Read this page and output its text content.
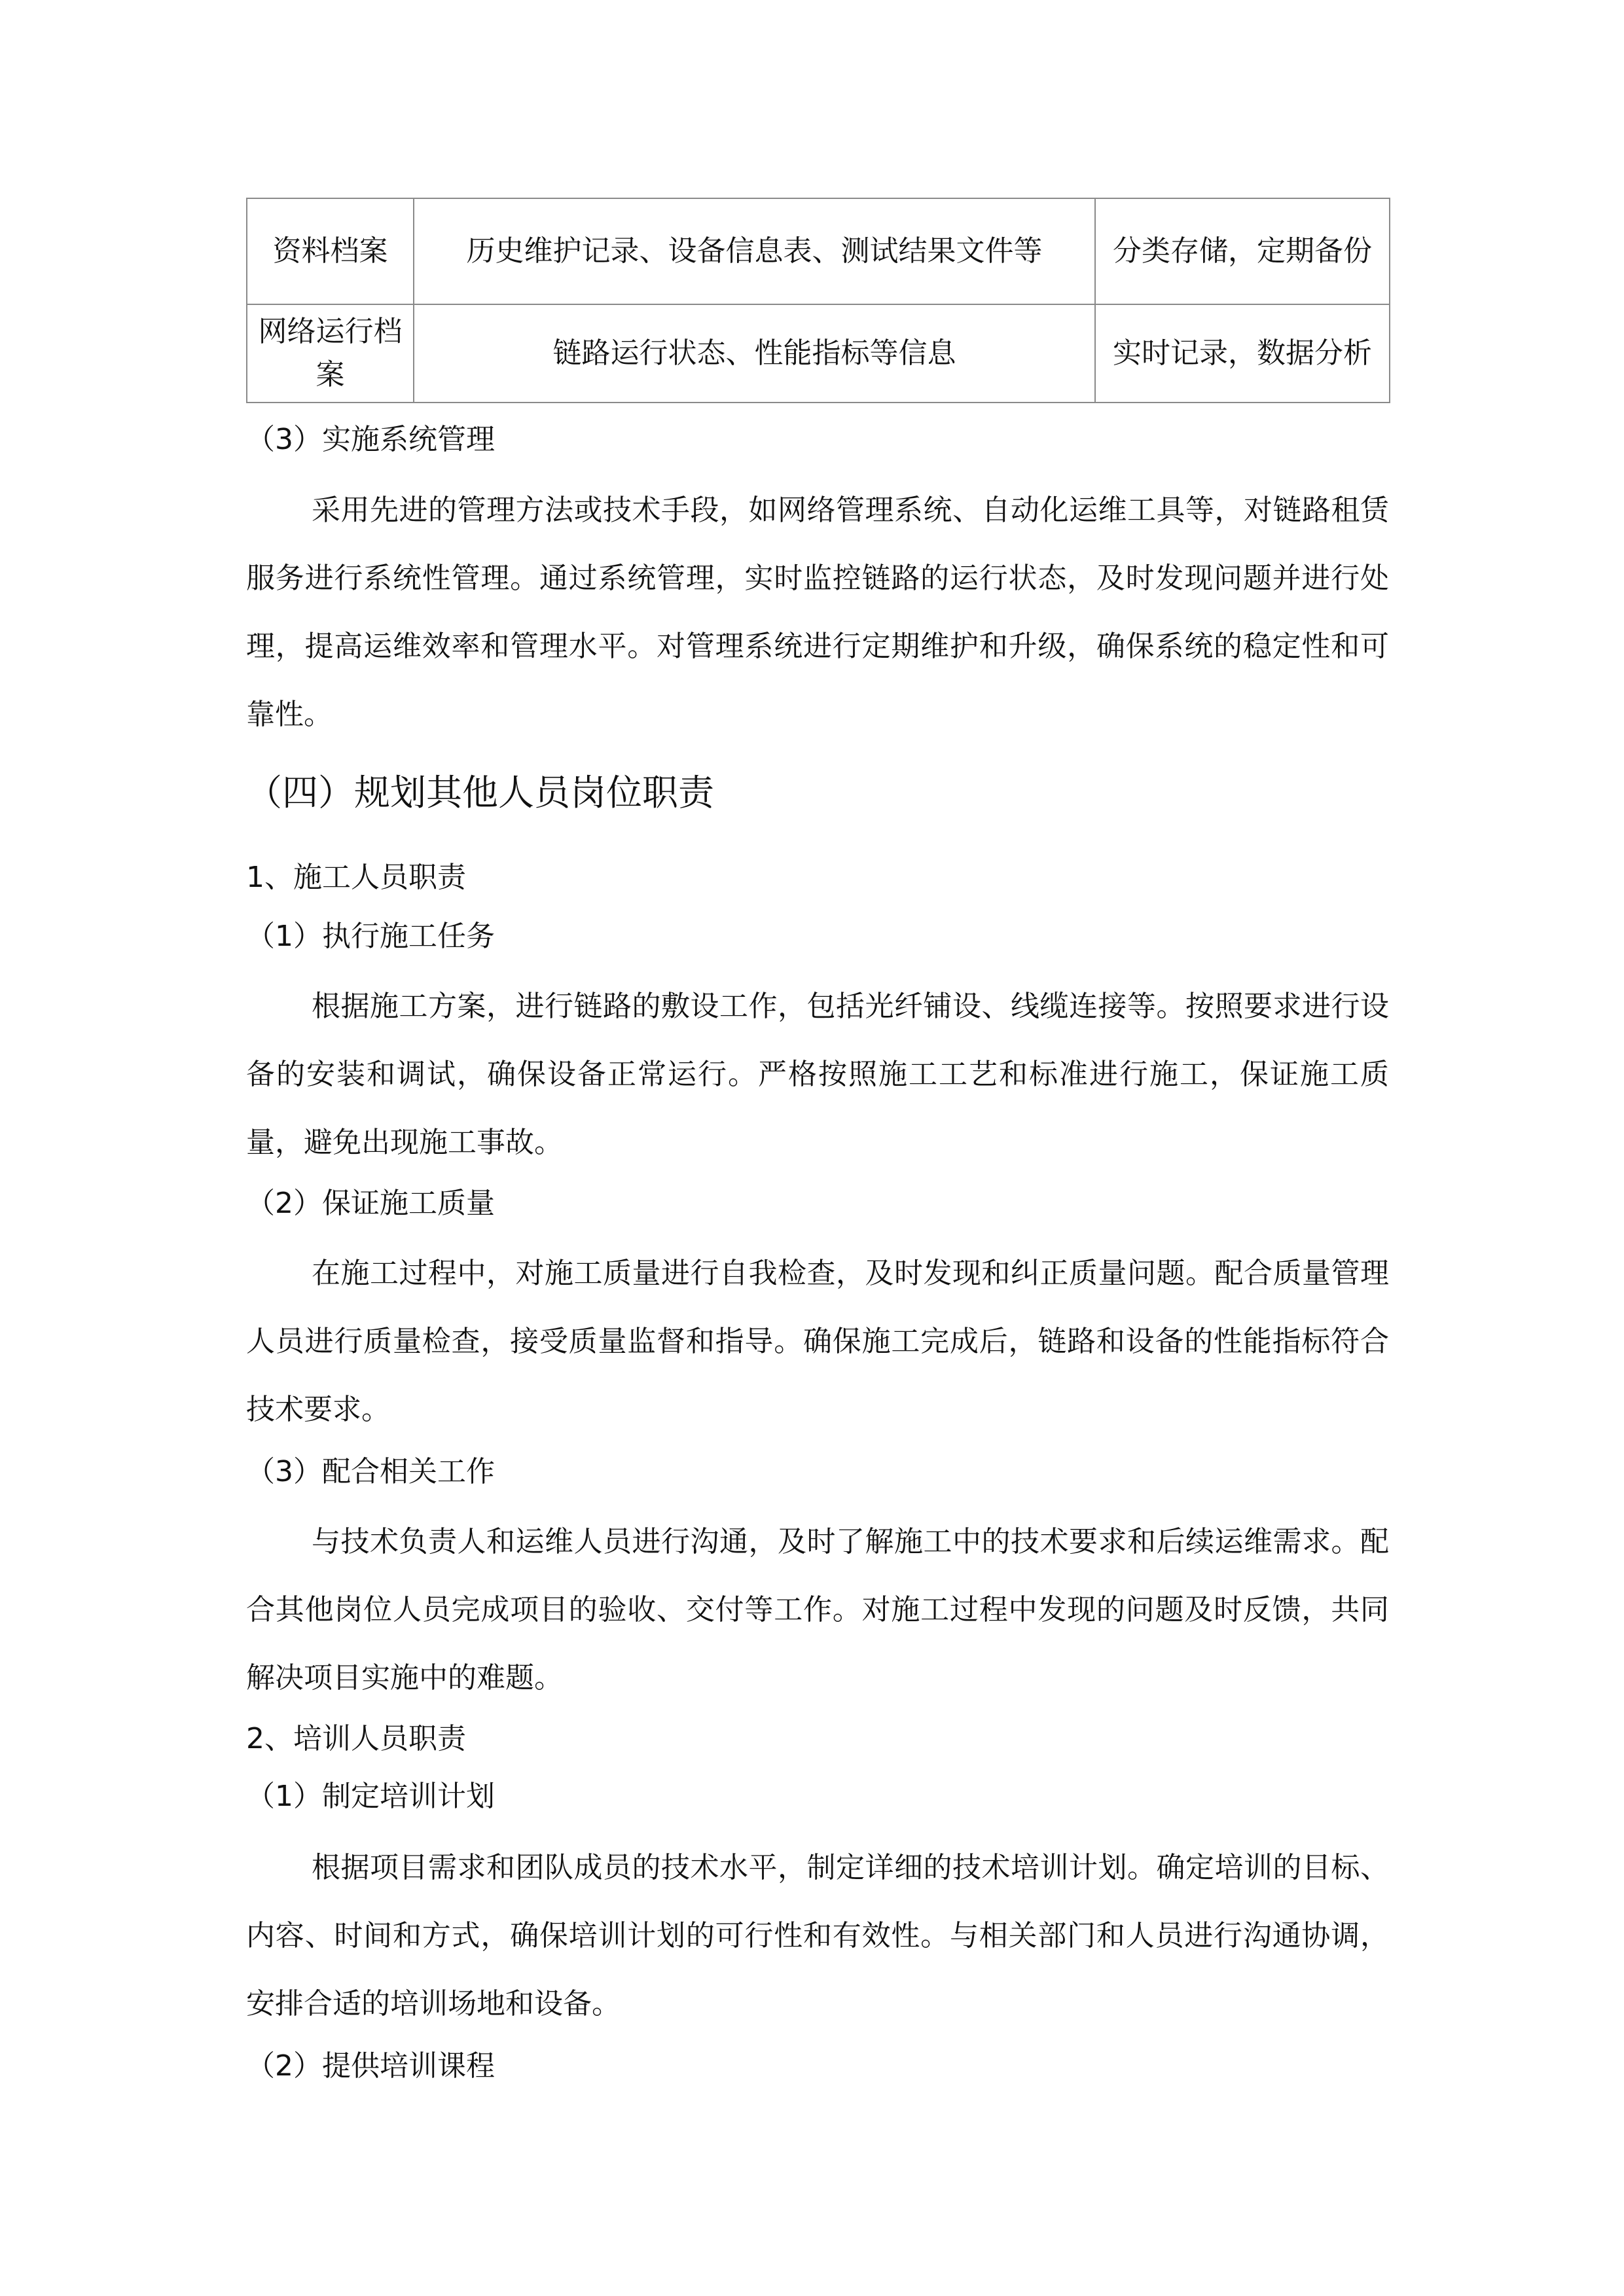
资料档案	历史维护记录、设备信息表、测试结果文件等	分类存储，定期备份
网络运行档案	链路运行状态、性能指标等信息	实时记录，数据分析
（3）实施系统管理
采用先进的管理方法或技术手段，如网络管理系统、自动化运维工具等，对链路租赁服务进行系统性管理。通过系统管理，实时监控链路的运行状态，及时发现问题并进行处理，提高运维效率和管理水平。对管理系统进行定期维护和升级，确保系统的稳定性和可靠性。
（四）规划其他人员岗位职责
1、施工人员职责
（1）执行施工任务
根据施工方案，进行链路的敷设工作，包括光纤铺设、线缆连接等。按照要求进行设备的安装和调试，确保设备正常运行。严格按照施工工艺和标准进行施工，保证施工质量，避免出现施工事故。
（2）保证施工质量
在施工过程中，对施工质量进行自我检查，及时发现和纠正质量问题。配合质量管理人员进行质量检查，接受质量监督和指导。确保施工完成后，链路和设备的性能指标符合技术要求。
（3）配合相关工作
与技术负责人和运维人员进行沟通，及时了解施工中的技术要求和后续运维需求。配合其他岗位人员完成项目的验收、交付等工作。对施工过程中发现的问题及时反馈，共同解决项目实施中的难题。
2、培训人员职责
（1）制定培训计划
根据项目需求和团队成员的技术水平，制定详细的技术培训计划。确定培训的目标、内容、时间和方式，确保培训计划的可行性和有效性。与相关部门和人员进行沟通协调，安排合适的培训场地和设备。
（2）提供培训课程
